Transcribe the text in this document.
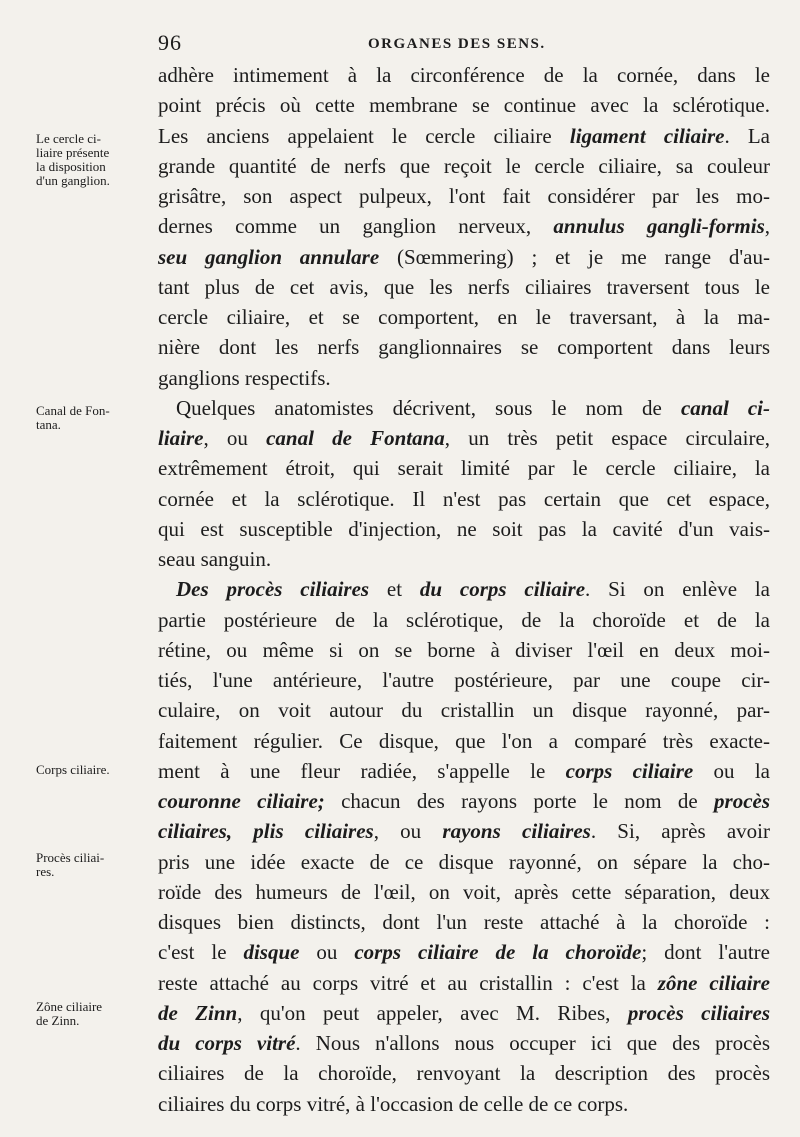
96	ORGANES DES SENS.
Le cercle ci-
liaire présente
la disposition
d'un ganglion.
Canal de Fon-
tana.
Corps ciliaire.
Procès ciliai-
res.
Zône ciliaire
de Zinn.
adhère intimement à la circonférence de la cornée, dans le
point précis où cette membrane se continue avec la sclérotique.
Les anciens appelaient le cercle ciliaire ligament ciliaire. La
grande quantité de nerfs que reçoit le cercle ciliaire, sa couleur
grisâtre, son aspect pulpeux, l'ont fait considérer par les mo-
dernes comme un ganglion nerveux, annulus gangli-formis,
seu ganglion annulare (Sœmmering) ; et je me range d'au-
tant plus de cet avis, que les nerfs ciliaires traversent tous le
cercle ciliaire, et se comportent, en le traversant, à la ma-
nière dont les nerfs ganglionnaires se comportent dans leurs
ganglions respectifs.
Quelques anatomistes décrivent, sous le nom de canal ci-
liaire, ou canal de Fontana, un très petit espace circulaire,
extrêmement étroit, qui serait limité par le cercle ciliaire, la
cornée et la sclérotique. Il n'est pas certain que cet espace,
qui est susceptible d'injection, ne soit pas la cavité d'un vais-
seau sanguin.
Des procès ciliaires et du corps ciliaire. Si on enlève la
partie postérieure de la sclérotique, de la choroïde et de la
rétine, ou même si on se borne à diviser l'œil en deux moi-
tiés, l'une antérieure, l'autre postérieure, par une coupe cir-
culaire, on voit autour du cristallin un disque rayonné, par-
faitement régulier. Ce disque, que l'on a comparé très exacte-
ment à une fleur radiée, s'appelle le corps ciliaire ou la
couronne ciliaire; chacun des rayons porte le nom de procès
ciliaires, plis ciliaires, ou rayons ciliaires. Si, après avoir
pris une idée exacte de ce disque rayonné, on sépare la cho-
roïde des humeurs de l'œil, on voit, après cette séparation, deux
disques bien distincts, dont l'un reste attaché à la choroïde :
c'est le disque ou corps ciliaire de la choroïde; dont l'autre
reste attaché au corps vitré et au cristallin : c'est la zône ciliaire
de Zinn, qu'on peut appeler, avec M. Ribes, procès ciliaires
du corps vitré. Nous n'allons nous occuper ici que des procès
ciliaires de la choroïde, renvoyant la description des procès
ciliaires du corps vitré, à l'occasion de celle de ce corps.
